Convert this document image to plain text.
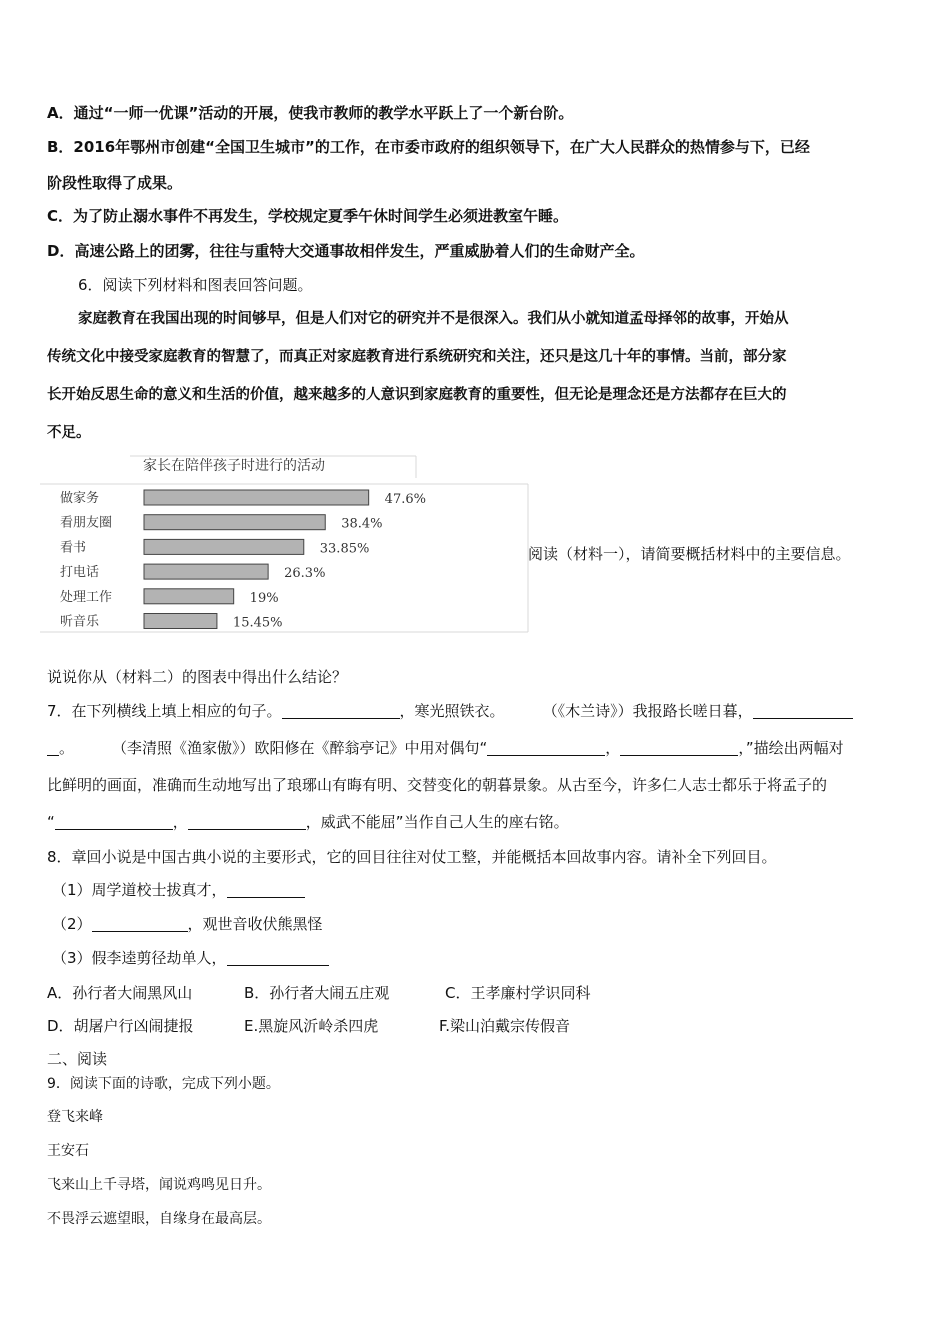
A．通过“一师一优课”活动的开展，使我市教师的教学水平跃上了一个新台阶。
B．2016年鄂州市创建“全国卫生城市”的工作，在市委市政府的组织领导下，在广大人民群众的热情参与下，已经
阶段性取得了成果。
C．为了防止溺水事件不再发生，学校规定夏季午休时间学生必须进教室午睡。
D．高速公路上的团雾，往往与重特大交通事故相伴发生，严重威胁着人们的生命财产全。
6．阅读下列材料和图表回答问题。
家庭教育在我国出现的时间够早，但是人们对它的研究并不是很深入。我们从小就知道孟母择邻的故事，开始从
传统文化中接受家庭教育的智慧了，而真正对家庭教育进行系统研究和关注，还只是这几十年的事情。当前，部分家
长开始反思生命的意义和生活的价值，越来越多的人意识到家庭教育的重要性，但无论是理念还是方法都存在巨大的
不足。
家长在陪伴孩子时进行的活动
做家务	47.6%
看朋友圈	38.4%
看书	33.85%
打电话	26.3%
处理工作	19%
听音乐	15.45%
阅读（材料一），请简要概括材料中的主要信息。
说说你从（材料二）的图表中得出什么结论？
7．在下列横线上填上相应的句子。	，寒光照铁衣。	（《木兰诗》）我报路长嗟日暮，
。	（李清照《渔家傲》）欧阳修在《醉翁亭记》中用对偶句“	，	，”描绘出两幅对
比鲜明的画面，准确而生动地写出了琅琊山有晦有明、交替变化的朝暮景象。从古至今，许多仁人志士都乐于将孟子的
“	，	，威武不能屈”当作自己人生的座右铭。
8．章回小说是中国古典小说的主要形式，它的回目往往对仗工整，并能概括本回故事内容。请补全下列回目。
（1）周学道校士拔真才，
（2）	，观世音收伏熊黑怪
（3）假李逵剪径劫单人，
A．孙行者大闹黑风山	B．孙行者大闹五庄观	C．王孝廉村学识同科
D．胡屠户行凶闹捷报	E.黑旋风沂岭杀四虎	F.梁山泊戴宗传假音
二、阅读
9．阅读下面的诗歌，完成下列小题。
登飞来峰
王安石
飞来山上千寻塔，闻说鸡鸣见日升。
不畏浮云遮望眼，自缘身在最高层。
